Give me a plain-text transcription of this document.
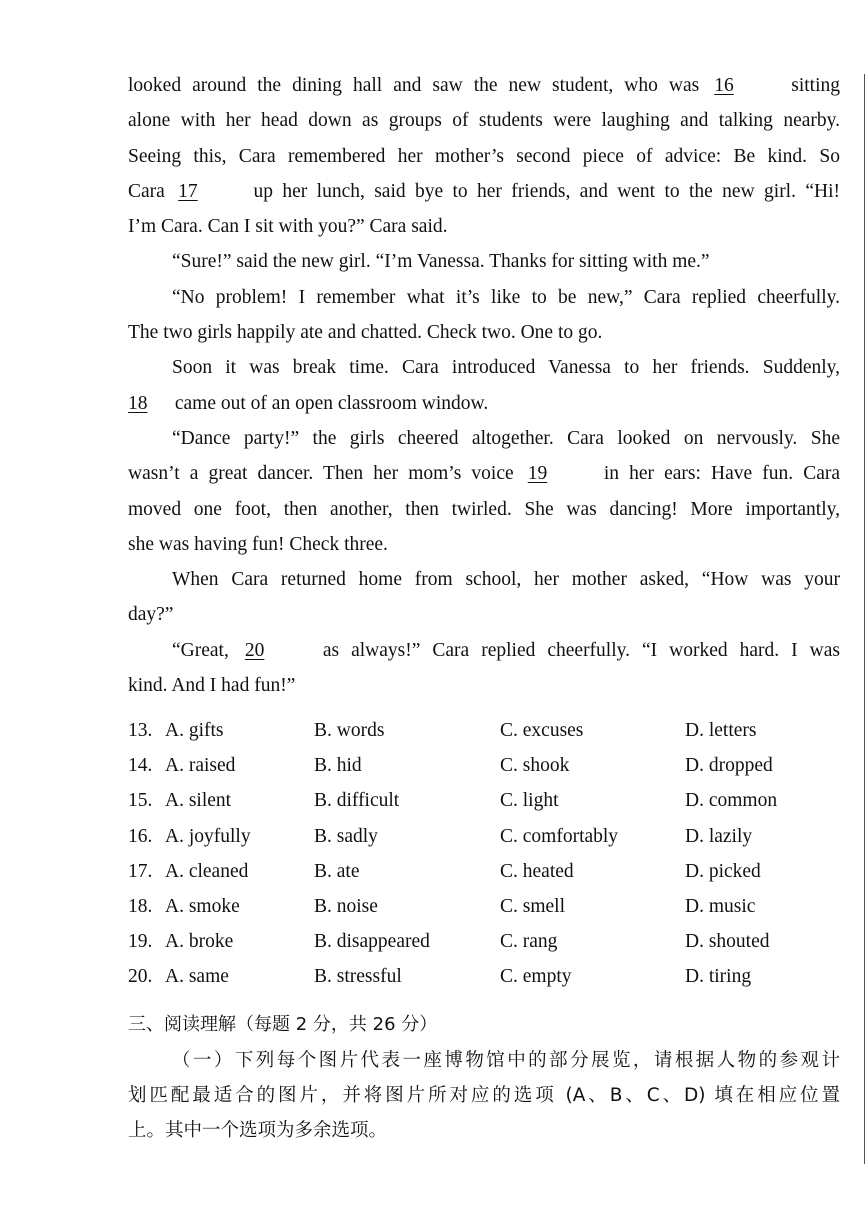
looked around the dining hall and saw the new student, who was 16 sitting
alone with her head down as groups of students were laughing and talking nearby.
Seeing this, Cara remembered her mother’s second piece of advice: Be kind. So
Cara 17 up her lunch, said bye to her friends, and went to the new girl. “Hi!
I’m Cara. Can I sit with you?” Cara said.
“Sure!” said the new girl. “I’m Vanessa. Thanks for sitting with me.”
“No problem! I remember what it’s like to be new,” Cara replied cheerfully.
The two girls happily ate and chatted. Check two. One to go.
Soon it was break time. Cara introduced Vanessa to her friends. Suddenly,
18 came out of an open classroom window.
“Dance party!” the girls cheered altogether. Cara looked on nervously. She
wasn’t a great dancer. Then her mom’s voice 19 in her ears: Have fun. Cara
moved one foot, then another, then twirled. She was dancing! More importantly,
she was having fun! Check three.
When Cara returned home from school, her mother asked, “How was your
day?”
“Great, 20 as always!” Cara replied cheerfully. “I worked hard. I was
kind. And I had fun!”
13. A. gifts	B. words	C. excuses	D. letters
14. A. raised	B. hid	C. shook	D. dropped
15. A. silent	B. difficult	C. light	D. common
16. A. joyfully	B. sadly	C. comfortably	D. lazily
17. A. cleaned	B. ate	C. heated	D. picked
18. A. smoke	B. noise	C. smell	D. music
19. A. broke	B. disappeared	C. rang	D. shouted
20. A. same	B. stressful	C. empty	D. tiring
三、阅读理解（每题 2 分，共 26 分）
（一）下列每个图片代表一座博物馆中的部分展览，请根据人物的参观计
划匹配最适合的图片，并将图片所对应的选项 (A、B、C、D) 填在相应位置
上。其中一个选项为多余选项。
